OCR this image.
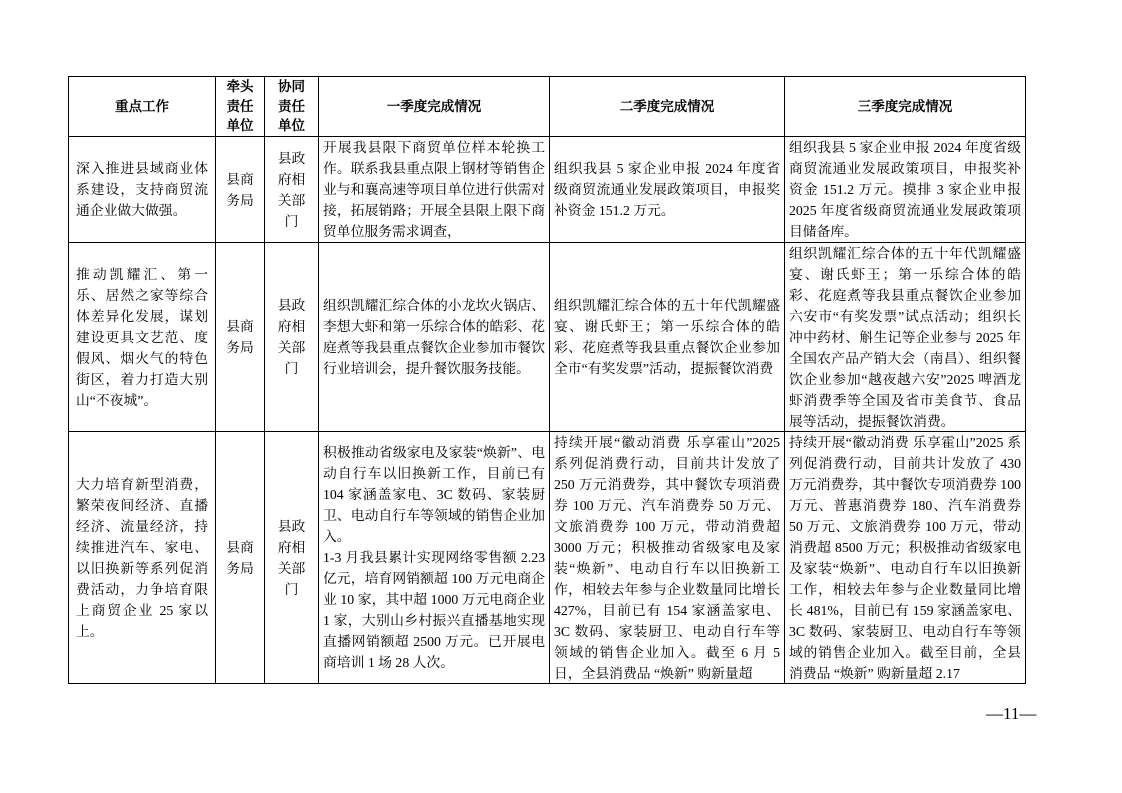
重点工作
牵头责任单位
协同责任单位
一季度完成情况	二季度完成情况	三季度完成情况
深入推进县域商业体系建设，支持商贸流通企业做大做强。
县商务局
县政府相关部门
开展我县限下商贸单位样本轮换工作。联系我县重点限上钢材等销售企业与和襄高速等项目单位进行供需对接，拓展销路；开展全县限上限下商贸单位服务需求调查，
组织我县 5 家企业申报 2024 年度省级商贸流通业发展政策项目，申报奖补资金 151.2 万元。
组织我县 5 家企业申报 2024 年度省级商贸流通业发展政策项目，申报奖补资金 151.2 万元。摸排 3 家企业申报 2025 年度省级商贸流通业发展政策项目储备库。
推动凯耀汇、第一乐、居然之家等综合体差异化发展，谋划建设更具文艺范、度假风、烟火气的特色街区，着力打造大别山“不夜城”。
县商务局
县政府相关部门
组织凯耀汇综合体的小龙坎火锅店、李想大虾和第一乐综合体的皓彩、花庭煮等我县重点餐饮企业参加市餐饮行业培训会，提升餐饮服务技能。
组织凯耀汇综合体的五十年代凯耀盛宴、谢氏虾王；第一乐综合体的皓彩、花庭煮等我县重点餐饮企业参加全市“有奖发票”活动，提振餐饮消费
组织凯耀汇综合体的五十年代凯耀盛宴、谢氏虾王；第一乐综合体的皓彩、花庭煮等我县重点餐饮企业参加六安市“有奖发票”试点活动；组织长冲中药材、斛生记等企业参与 2025 年全国农产品产销大会（南昌）、组织餐饮企业参加“越夜越六安”2025 啤酒龙虾消费季等全国及省市美食节、食品展等活动，提振餐饮消费。
大力培育新型消费，繁荣夜间经济、直播经济、流量经济，持续推进汽车、家电、以旧换新等系列促消费活动，力争培育限上商贸企业 25 家以上。
县商务局
县政府相关部门

积极推动省级家电及家装“焕新”、电动自行车以旧换新工作，目前已有 104 家涵盖家电、3C 数码、家装厨卫、电动自行车等领域的销售企业加入。

1-3 月我县累计实现网络零售额 2.23 亿元，培育网销额超 100 万元电商企业 10 家，其中超 1000 万元电商企业 1 家，大别山乡村振兴直播基地实现直播网销额超 2500 万元。已开展电商培训 1 场 28 人次。

持续开展“徽动消费 乐享霍山”2025 系列促消费行动，目前共计发放了 250 万元消费券，其中餐饮专项消费券 100 万元、汽车消费券 50 万元、文旅消费券 100 万元，带动消费超 3000 万元；积极推动省级家电及家装“焕新”、电动自行车以旧换新工作，相较去年参与企业数量同比增长 427%，目前已有 154 家涵盖家电、3C 数码、家装厨卫、电动自行车等领域的销售企业加入。截至 6 月 5 日，全县消费品 “焕新” 购新量超
持续开展“徽动消费 乐享霍山”2025 系列促消费行动，目前共计发放了 430 万元消费券，其中餐饮专项消费券 100 万元、普惠消费券 180、汽车消费券 50 万元、文旅消费券 100 万元，带动消费超 8500 万元；积极推动省级家电及家装“焕新”、电动自行车以旧换新工作，相较去年参与企业数量同比增长 481%，目前已有 159 家涵盖家电、3C 数码、家装厨卫、电动自行车等领域的销售企业加入。截至目前，全县消费品 “焕新” 购新量超 2.17
—11—
